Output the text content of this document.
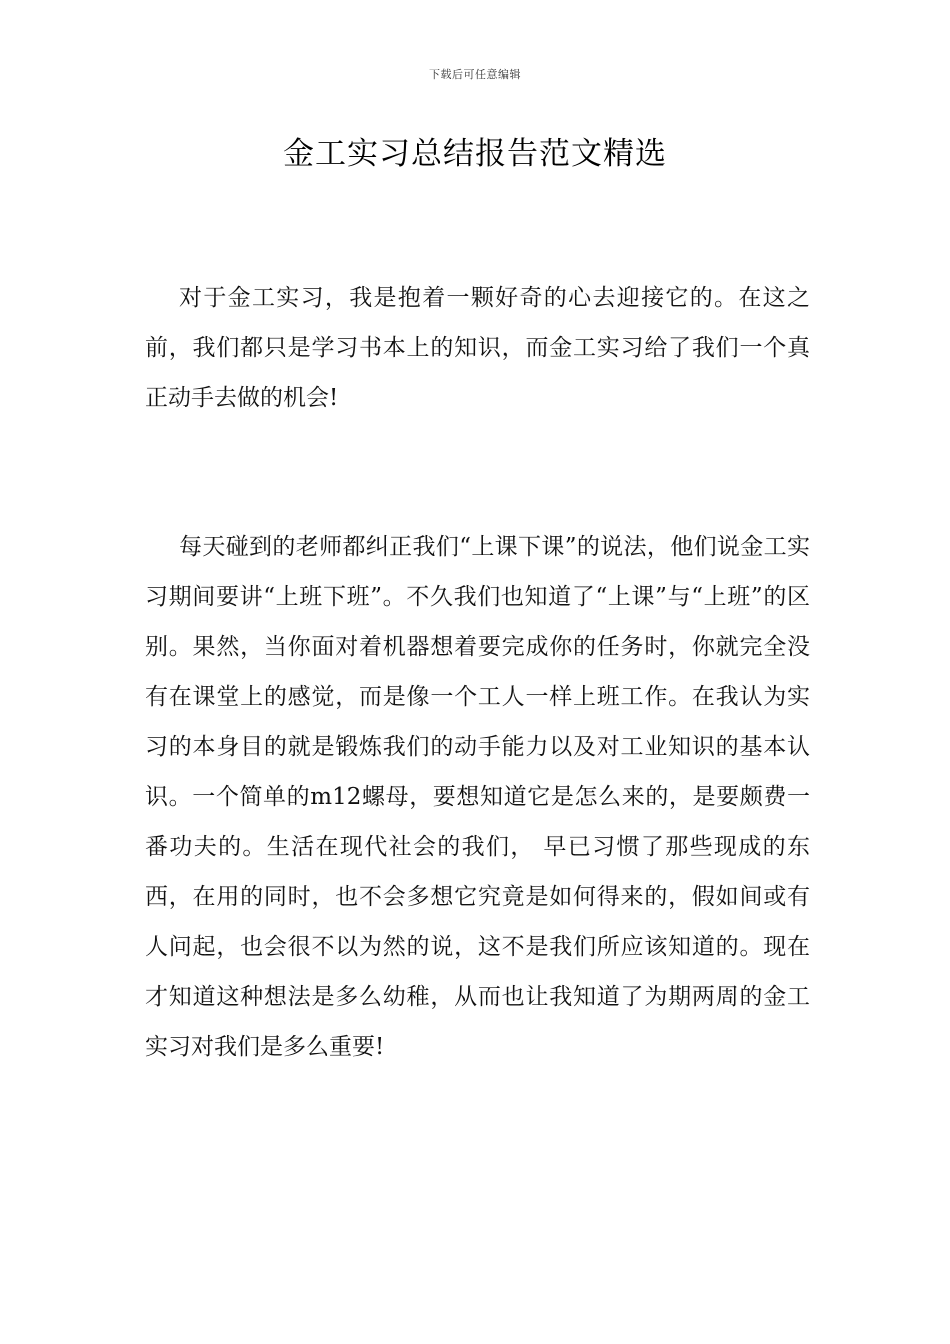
下载后可任意编辑
金工实习总结报告范文精选

对于金工实习，我是抱着一颗好奇的心去迎接它的。在这之前，我们都只是学习书本上的知识，而金工实习给了我们一个真正动手去做的机会!

每天碰到的老师都纠正我们“上课下课”的说法，他们说金工实习期间要讲“上班下班”。不久我们也知道了“上课”与“上班”的区别。果然，当你面对着机器想着要完成你的任务时，你就完全没有在课堂上的感觉，而是像一个工人一样上班工作。在我认为实习的本身目的就是锻炼我们的动手能力以及对工业知识的基本认识。一个简单的m12螺母，要想知道它是怎么来的，是要颇费一番功夫的。生活在现代社会的我们， 早已习惯了那些现成的东西，在用的同时，也不会多想它究竟是如何得来的，假如间或有人问起，也会很不以为然的说，这不是我们所应该知道的。现在才知道这种想法是多么幼稚，从而也让我知道了为期两周的金工实习对我们是多么重要!
